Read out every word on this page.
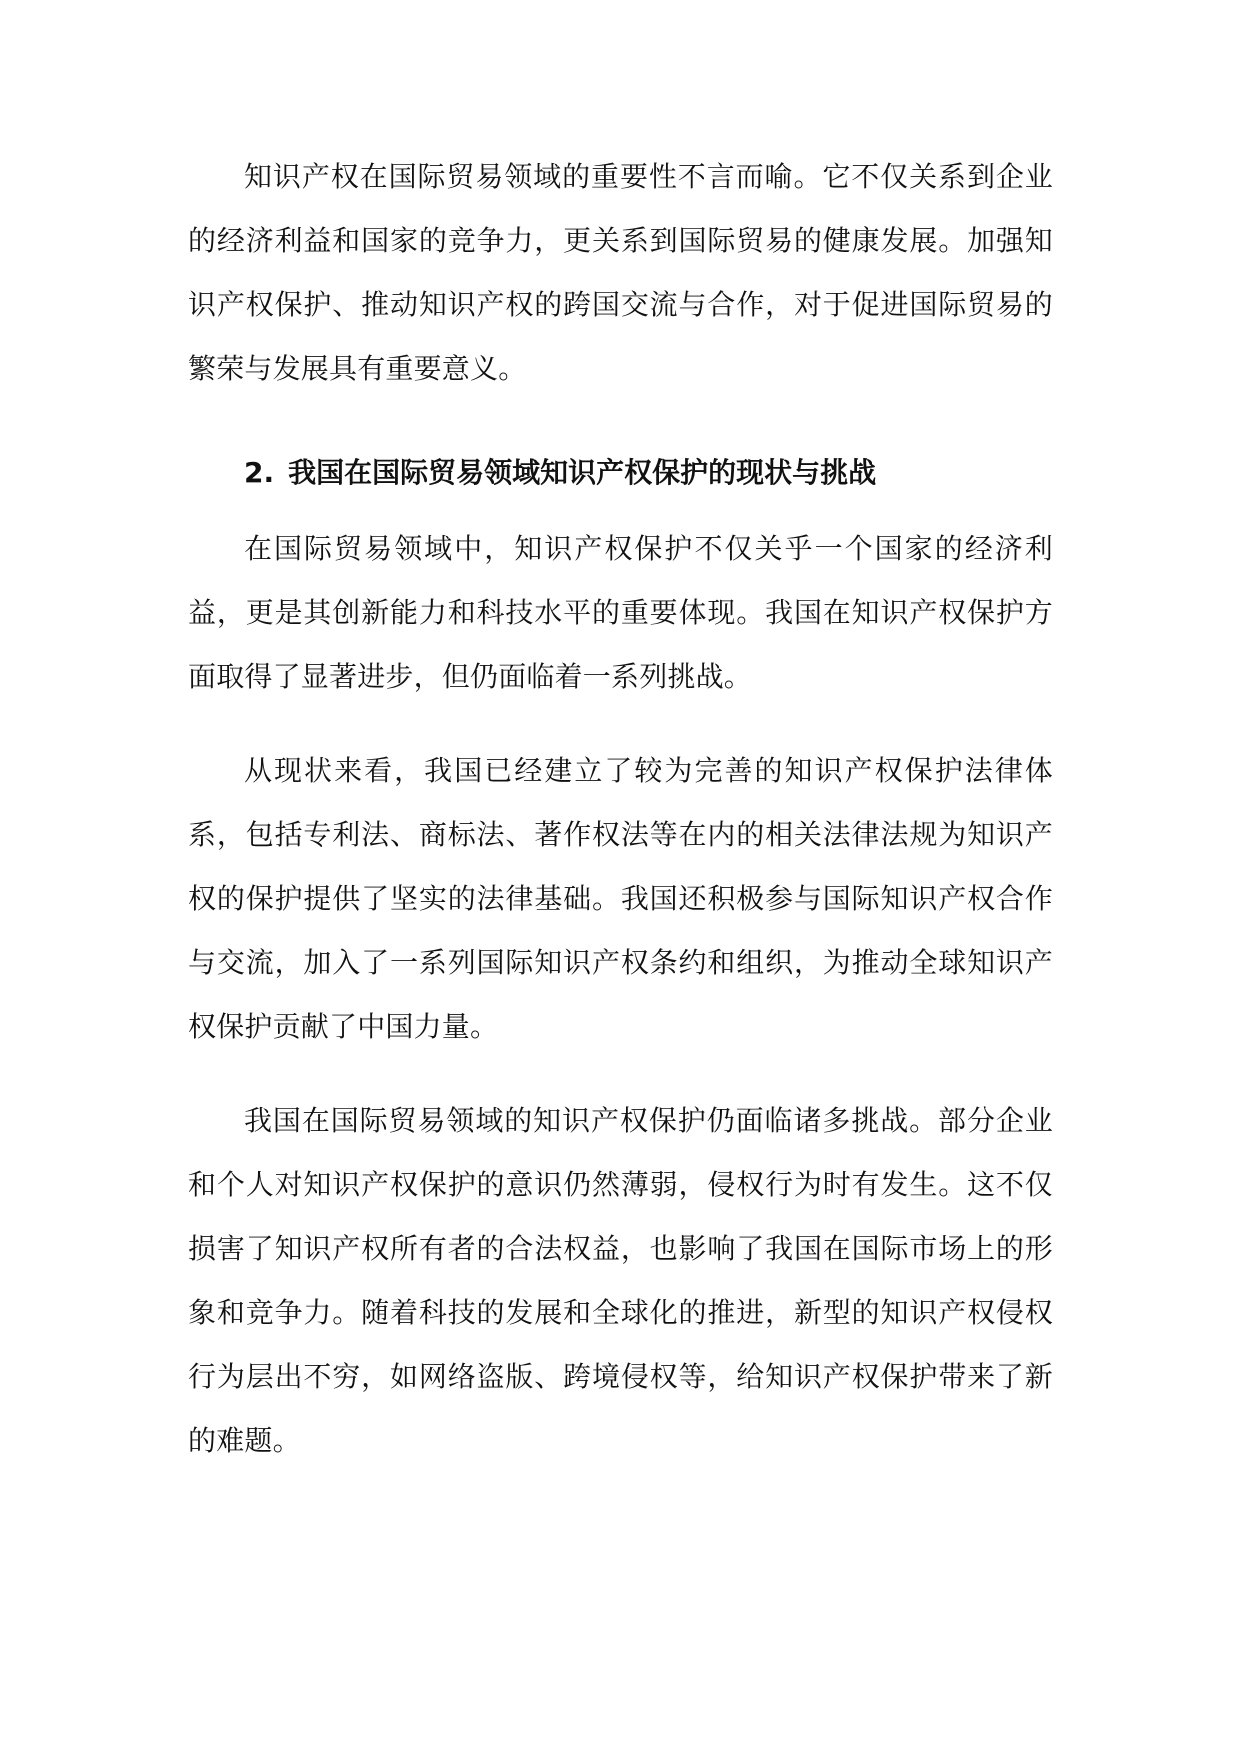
知识产权在国际贸易领域的重要性不言而喻。它不仅关系到企业的经济利益和国家的竞争力，更关系到国际贸易的健康发展。加强知识产权保护、推动知识产权的跨国交流与合作，对于促进国际贸易的繁荣与发展具有重要意义。

2. 我国在国际贸易领域知识产权保护的现状与挑战

在国际贸易领域中，知识产权保护不仅关乎一个国家的经济利益，更是其创新能力和科技水平的重要体现。我国在知识产权保护方面取得了显著进步，但仍面临着一系列挑战。

从现状来看，我国已经建立了较为完善的知识产权保护法律体系，包括专利法、商标法、著作权法等在内的相关法律法规为知识产权的保护提供了坚实的法律基础。我国还积极参与国际知识产权合作与交流，加入了一系列国际知识产权条约和组织，为推动全球知识产权保护贡献了中国力量。

我国在国际贸易领域的知识产权保护仍面临诸多挑战。部分企业和个人对知识产权保护的意识仍然薄弱，侵权行为时有发生。这不仅损害了知识产权所有者的合法权益，也影响了我国在国际市场上的形象和竞争力。随着科技的发展和全球化的推进，新型的知识产权侵权行为层出不穷，如网络盗版、跨境侵权等，给知识产权保护带来了新的难题。
